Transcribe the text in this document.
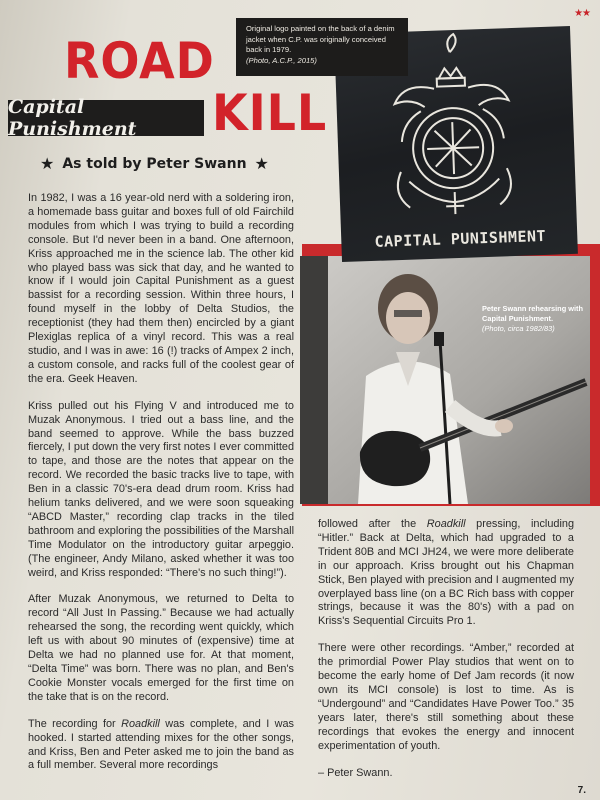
★★
ROAD
KILL
Capital Punishment
★ As told by Peter Swann ★
CAPITAL PUNISHMENT
Original logo painted on the back of a denim jacket when C.P. was originally conceived back in 1979.
(Photo, A.C.P., 2015)
Peter Swann rehearsing with Capital Punishment.
(Photo, circa 1982/83)

In 1982, I was a 16 year-old nerd with a soldering iron, a homemade bass guitar and boxes full of old Fairchild modules from which I was trying to build a recording console. But I'd never been in a band. One afternoon, Kriss approached me in the science lab. The other kid who played bass was sick that day, and he wanted to know if I would join Capital Punishment as a guest bassist for a recording session. Within three hours, I found myself in the lobby of Delta Studios, the receptionist (they had them then) encircled by a giant Plexiglas replica of a vinyl record. This was a real studio, and I was in awe: 16 (!) tracks of Ampex 2 inch, a custom console, and racks full of the coolest gear of the era. Geek Heaven.

Kriss pulled out his Flying V and introduced me to Muzak Anonymous. I tried out a bass line, and the band seemed to approve. While the bass buzzed fiercely, I put down the very first notes I ever committed to tape, and those are the notes that appear on the record. We recorded the basic tracks live to tape, with Ben in a classic 70's-era dead drum room. Kriss had helium tanks delivered, and we were soon squeaking “ABCD Master,” recording clap tracks in the tiled bathroom and exploring the possibilities of the Marshall Time Modulator on the introductory guitar arpeggio. (The engineer, Andy Milano, asked whether it was too weird, and Kriss responded: “There's no such thing!”).

After Muzak Anonymous, we returned to Delta to record “All Just In Passing.” Because we had actually rehearsed the song, the recording went quickly, which left us with about 90 minutes of (expensive) time at Delta we had no planned use for. At that moment, “Delta Time” was born. There was no plan, and Ben's Cookie Monster vocals emerged for the first time on the take that is on the record.

The recording for Roadkill was complete, and I was hooked. I started attending mixes for the other songs, and Kriss, Ben and Peter asked me to join the band as a full member. Several more recordings

followed after the Roadkill pressing, including “Hitler.” Back at Delta, which had upgraded to a Trident 80B and MCI JH24, we were more deliberate in our approach. Kriss brought out his Chapman Stick, Ben played with precision and I augmented my overplayed bass line (on a BC Rich bass with copper strings, because it was the 80's) with a pad on Kriss's Sequential Circuits Pro 1.

There were other recordings. “Amber,” recorded at the primordial Power Play studios that went on to become the early home of Def Jam records (it now own its MCI console) is lost to time. As is “Undergound” and “Candidates Have Power Too.” 35 years later, there's still something about these recordings that evokes the energy and innocent experimentation of youth.

– Peter Swann.

7.
